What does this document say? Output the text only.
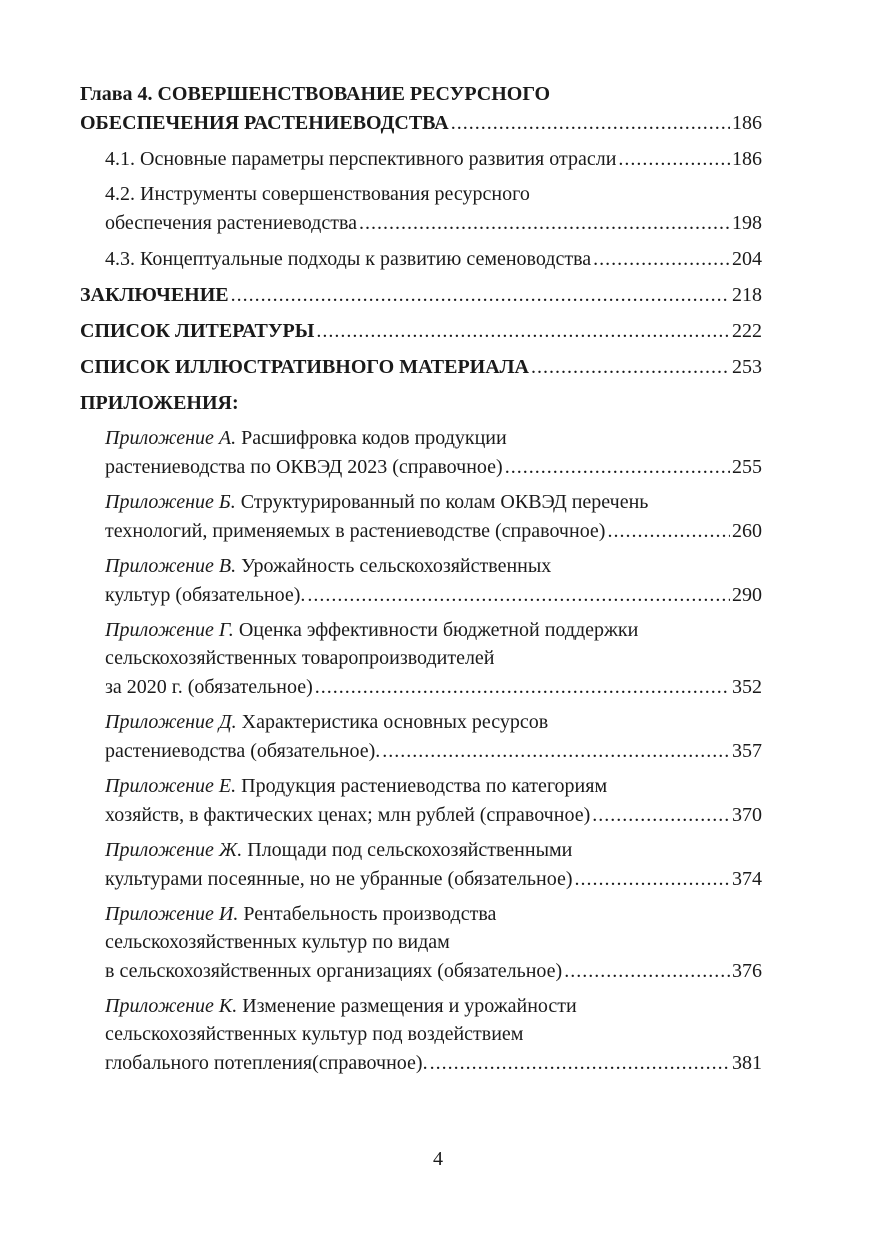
Глава 4. СОВЕРШЕНСТВОВАНИЕ РЕСУРСНОГО
ОБЕСПЕЧЕНИЯ РАСТЕНИЕВОДСТВА .....	186
4.1. Основные параметры перспективного развития отрасли .....	186
4.2. Инструменты совершенствования ресурсного
обеспечения растениеводства .....	198
4.3. Концептуальные подходы к развитию семеноводства .....	204
ЗАКЛЮЧЕНИЕ .....	218
СПИСОК ЛИТЕРАТУРЫ .....	222
СПИСОК ИЛЛЮСТРАТИВНОГО МАТЕРИАЛА .....	253
ПРИЛОЖЕНИЯ:
Приложение А. Расшифровка кодов продукции
растениеводства по ОКВЭД 2023 (справочное) .....	255
Приложение Б. Структурированный по колам ОКВЭД перечень
технологий, применяемых в растениеводстве (справочное) .....	260
Приложение В. Урожайность сельскохозяйственных
культур (обязательное). .....	290
Приложение Г. Оценка эффективности бюджетной поддержки
сельскохозяйственных товаропроизводителей
за 2020 г. (обязательное) .....	352
Приложение Д. Характеристика основных ресурсов
растениеводства (обязательное). .....	357
Приложение Е. Продукция растениеводства по категориям
хозяйств, в фактических ценах; млн рублей (справочное) .....	370
Приложение Ж. Площади под сельскохозяйственными
культурами посеянные, но не убранные (обязательное) .....	374
Приложение И. Рентабельность производства
сельскохозяйственных культур по видам
в сельскохозяйственных организациях (обязательное) .....	376
Приложение К. Изменение размещения и урожайности
сельскохозяйственных культур под воздействием
глобального потепления(справочное). .....	381
4
